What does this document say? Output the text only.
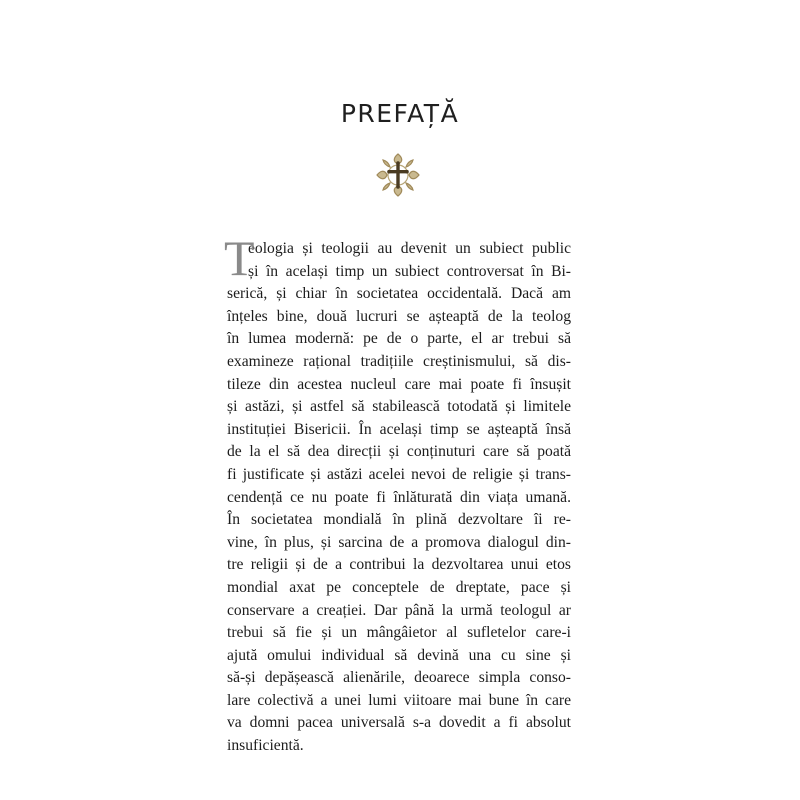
PREFAȚĂ
T
eologia și teologii au devenit un subiect public
și în același timp un subiect controversat în Bi-
serică, și chiar în societatea occidentală. Dacă am
înțeles bine, două lucruri se așteaptă de la teolog
în lumea modernă: pe de o parte, el ar trebui să
examineze rațional tradițiile creștinismului, să dis-
tileze din acestea nucleul care mai poate fi însușit
și astăzi, și astfel să stabilească totodată și limitele
instituției Bisericii. În același timp se așteaptă însă
de la el să dea direcții și conținuturi care să poată
fi justificate și astăzi acelei nevoi de religie și trans-
cendență ce nu poate fi înlăturată din viața umană.
În societatea mondială în plină dezvoltare îi re-
vine, în plus, și sarcina de a promova dialogul din-
tre religii și de a contribui la dezvoltarea unui etos
mondial axat pe conceptele de dreptate, pace și
conservare a creației. Dar până la urmă teologul ar
trebui să fie și un mângâietor al sufletelor care-i
ajută omului individual să devină una cu sine și
să-și depășească alienările, deoarece simpla conso-
lare colectivă a unei lumi viitoare mai bune în care
va domni pacea universală s-a dovedit a fi absolut
insuficientă.
